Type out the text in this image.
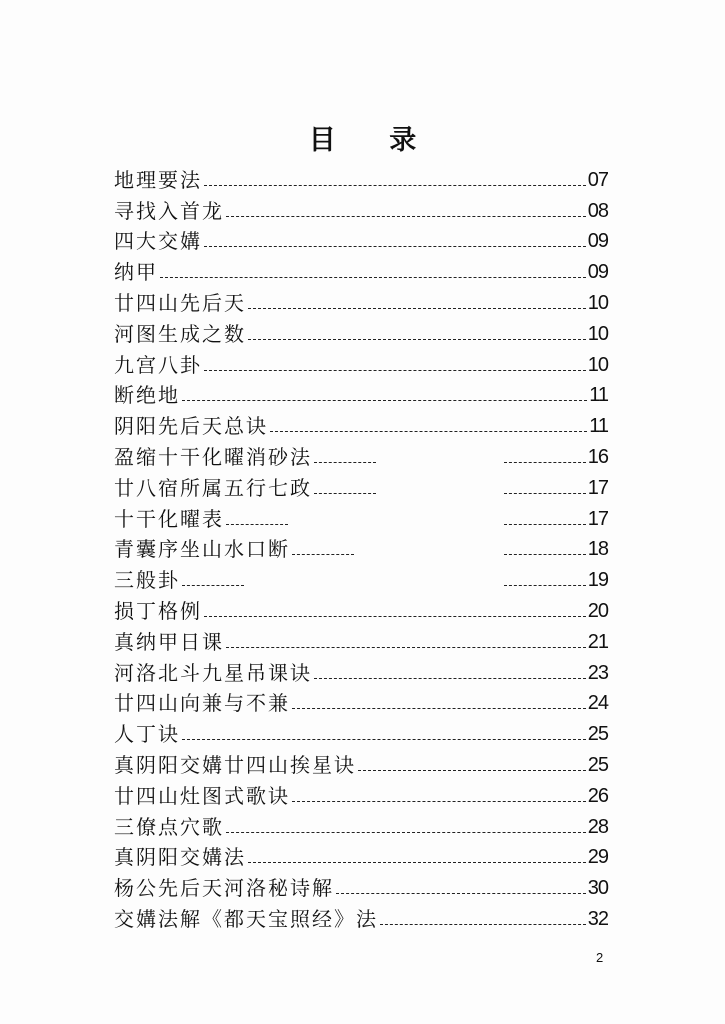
目 录
地理要法	07
寻找入首龙	08
四大交媾	09
纳甲	09
廿四山先后天	10
河图生成之数	10
九宫八卦	10
断绝地	11
阴阳先后天总诀	11
盈缩十干化曜消砂法	16
廿八宿所属五行七政	17
十干化曜表	17
青囊序坐山水口断	18
三般卦	19
损丁格例	20
真纳甲日课	21
河洛北斗九星吊课诀	23
廿四山向兼与不兼	24
人丁诀	25
真阴阳交媾廿四山挨星诀	25
廿四山灶图式歌诀	26
三僚点穴歌	28
真阴阳交媾法	29
杨公先后天河洛秘诗解	30
交媾法解《都天宝照经》法	32
2
